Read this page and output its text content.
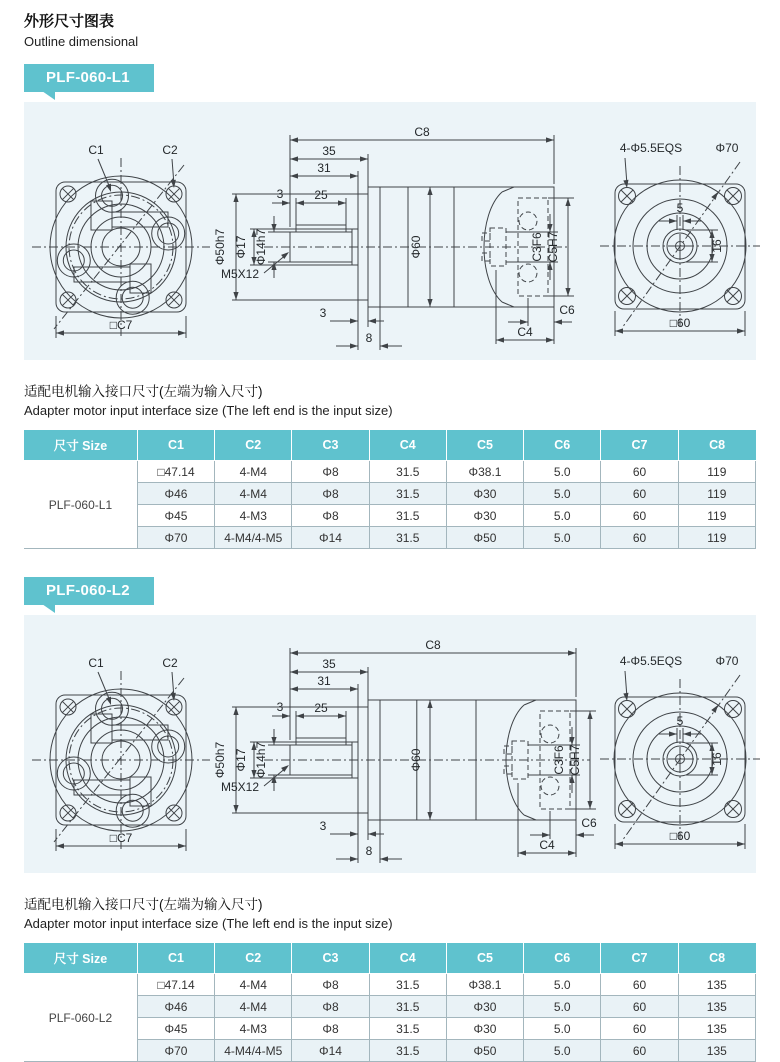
外形尺寸图表
Outline dimensional
PLF-060-L1
C1	C2
□C7
C8
35
31
3	25
Φ50h7 Φ17 Φ14h7
M5X12
Φ60	C3F6 C5H7
3
8	C4
C6
5
16
4-Φ5.5EQS	Φ70
□60
适配电机输入接口尺寸(左端为输入尺寸)
Adapter motor input interface size (The left end is the input size)
尺寸 Size	C1	C2	C3	C4	C5	C6	C7	C8
PLF-060-L1	□47.14	4-M4	Φ8	31.5	Φ38.1	5.0	60	119
	Φ46	4-M4	Φ8	31.5	Φ30	5.0	60	119
	Φ45	4-M3	Φ8	31.5	Φ30	5.0	60	119
	Φ70	4-M4/4-M5	Φ14	31.5	Φ50	5.0	60	119
PLF-060-L2
C1	C2
□C7
C8
35
31
3	25
Φ50h7 Φ17 Φ14h7
M5X12
Φ60	C3F6 C5H7
3
8	C4
C6
5
16
4-Φ5.5EQS	Φ70
□60
适配电机输入接口尺寸(左端为输入尺寸)
Adapter motor input interface size (The left end is the input size)
尺寸 Size	C1	C2	C3	C4	C5	C6	C7	C8
PLF-060-L2	□47.14	4-M4	Φ8	31.5	Φ38.1	5.0	60	135
	Φ46	4-M4	Φ8	31.5	Φ30	5.0	60	135
	Φ45	4-M3	Φ8	31.5	Φ30	5.0	60	135
	Φ70	4-M4/4-M5	Φ14	31.5	Φ50	5.0	60	135
